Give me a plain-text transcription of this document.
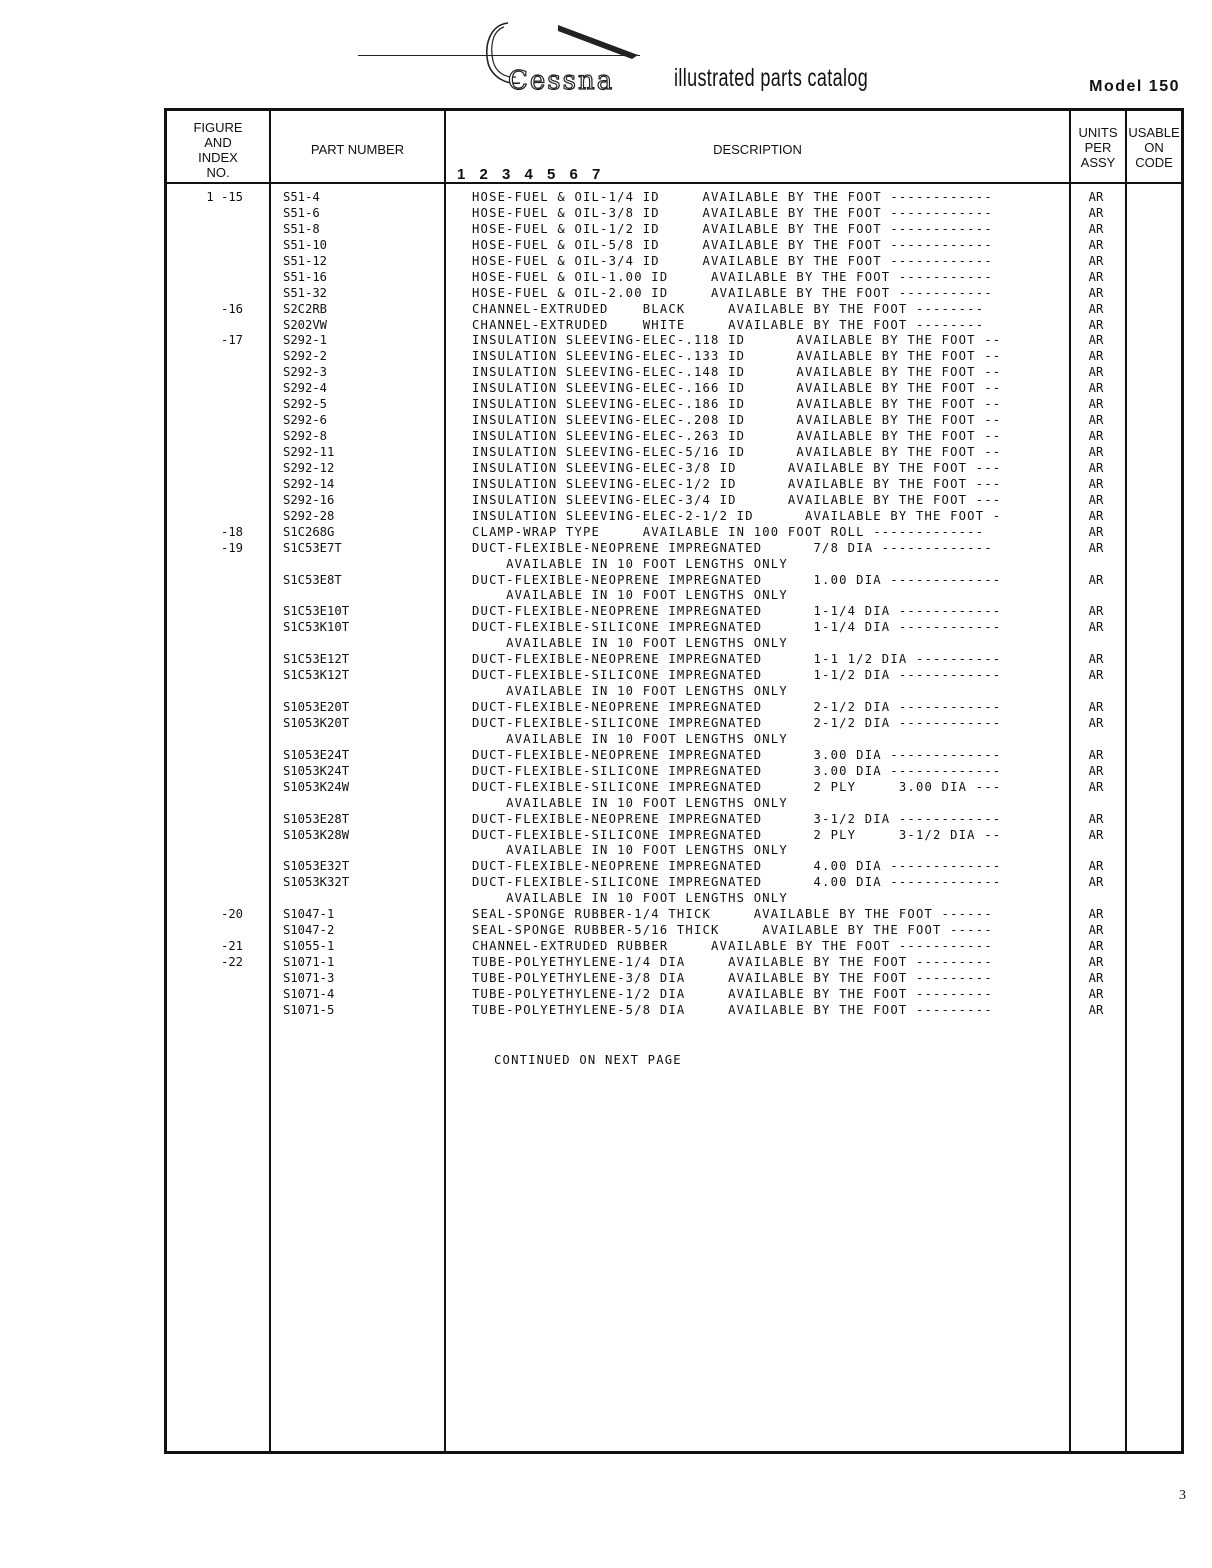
Cessna illustrated parts catalog	Model 150
FIGURE
AND
INDEX
NO.
PART NUMBER	DESCRIPTION
1 2 3 4 5 6 7
UNITS
PER
ASSY
USABLE
ON
CODE
1 -15	S51-4	HOSE-FUEL & OIL-1/4 ID     AVAILABLE BY THE FOOT ------------	AR
S51-6	HOSE-FUEL & OIL-3/8 ID     AVAILABLE BY THE FOOT ------------	AR
S51-8	HOSE-FUEL & OIL-1/2 ID     AVAILABLE BY THE FOOT ------------	AR
S51-10	HOSE-FUEL & OIL-5/8 ID     AVAILABLE BY THE FOOT ------------	AR
S51-12	HOSE-FUEL & OIL-3/4 ID     AVAILABLE BY THE FOOT ------------	AR
S51-16	HOSE-FUEL & OIL-1.00 ID     AVAILABLE BY THE FOOT -----------	AR
S51-32	HOSE-FUEL & OIL-2.00 ID     AVAILABLE BY THE FOOT -----------	AR
-16	S2C2RB	CHANNEL-EXTRUDED    BLACK     AVAILABLE BY THE FOOT --------	AR
S202VW	CHANNEL-EXTRUDED    WHITE     AVAILABLE BY THE FOOT --------	AR
-17	S292-1	INSULATION SLEEVING-ELEC-.118 ID      AVAILABLE BY THE FOOT --	AR
S292-2	INSULATION SLEEVING-ELEC-.133 ID      AVAILABLE BY THE FOOT --	AR
S292-3	INSULATION SLEEVING-ELEC-.148 ID      AVAILABLE BY THE FOOT --	AR
S292-4	INSULATION SLEEVING-ELEC-.166 ID      AVAILABLE BY THE FOOT --	AR
S292-5	INSULATION SLEEVING-ELEC-.186 ID      AVAILABLE BY THE FOOT --	AR
S292-6	INSULATION SLEEVING-ELEC-.208 ID      AVAILABLE BY THE FOOT --	AR
S292-8	INSULATION SLEEVING-ELEC-.263 ID      AVAILABLE BY THE FOOT --	AR
S292-11	INSULATION SLEEVING-ELEC-5/16 ID      AVAILABLE BY THE FOOT --	AR
S292-12	INSULATION SLEEVING-ELEC-3/8 ID      AVAILABLE BY THE FOOT ---	AR
S292-14	INSULATION SLEEVING-ELEC-1/2 ID      AVAILABLE BY THE FOOT ---	AR
S292-16	INSULATION SLEEVING-ELEC-3/4 ID      AVAILABLE BY THE FOOT ---	AR
S292-28	INSULATION SLEEVING-ELEC-2-1/2 ID      AVAILABLE BY THE FOOT -	AR
-18	S1C268G	CLAMP-WRAP TYPE     AVAILABLE IN 100 FOOT ROLL -------------	AR
-19	S1C53E7T	DUCT-FLEXIBLE-NEOPRENE IMPREGNATED      7/8 DIA -------------	AR
AVAILABLE IN 10 FOOT LENGTHS ONLY
S1C53E8T	DUCT-FLEXIBLE-NEOPRENE IMPREGNATED      1.00 DIA -------------	AR
AVAILABLE IN 10 FOOT LENGTHS ONLY
S1C53E10T	DUCT-FLEXIBLE-NEOPRENE IMPREGNATED      1-1/4 DIA ------------	AR
S1C53K10T	DUCT-FLEXIBLE-SILICONE IMPREGNATED      1-1/4 DIA ------------	AR
AVAILABLE IN 10 FOOT LENGTHS ONLY
S1C53E12T	DUCT-FLEXIBLE-NEOPRENE IMPREGNATED      1-1 1/2 DIA ----------	AR
S1C53K12T	DUCT-FLEXIBLE-SILICONE IMPREGNATED      1-1/2 DIA ------------	AR
AVAILABLE IN 10 FOOT LENGTHS ONLY
S1053E20T	DUCT-FLEXIBLE-NEOPRENE IMPREGNATED      2-1/2 DIA ------------	AR
S1053K20T	DUCT-FLEXIBLE-SILICONE IMPREGNATED      2-1/2 DIA ------------	AR
AVAILABLE IN 10 FOOT LENGTHS ONLY
S1053E24T	DUCT-FLEXIBLE-NEOPRENE IMPREGNATED      3.00 DIA -------------	AR
S1053K24T	DUCT-FLEXIBLE-SILICONE IMPREGNATED      3.00 DIA -------------	AR
S1053K24W	DUCT-FLEXIBLE-SILICONE IMPREGNATED      2 PLY     3.00 DIA ---	AR
AVAILABLE IN 10 FOOT LENGTHS ONLY
S1053E28T	DUCT-FLEXIBLE-NEOPRENE IMPREGNATED      3-1/2 DIA ------------	AR
S1053K28W	DUCT-FLEXIBLE-SILICONE IMPREGNATED      2 PLY     3-1/2 DIA --	AR
AVAILABLE IN 10 FOOT LENGTHS ONLY
S1053E32T	DUCT-FLEXIBLE-NEOPRENE IMPREGNATED      4.00 DIA -------------	AR
S1053K32T	DUCT-FLEXIBLE-SILICONE IMPREGNATED      4.00 DIA -------------	AR
AVAILABLE IN 10 FOOT LENGTHS ONLY
-20	S1047-1	SEAL-SPONGE RUBBER-1/4 THICK     AVAILABLE BY THE FOOT ------	AR
S1047-2	SEAL-SPONGE RUBBER-5/16 THICK     AVAILABLE BY THE FOOT -----	AR
-21	S1055-1	CHANNEL-EXTRUDED RUBBER     AVAILABLE BY THE FOOT -----------	AR
-22	S1071-1	TUBE-POLYETHYLENE-1/4 DIA     AVAILABLE BY THE FOOT ---------	AR
S1071-3	TUBE-POLYETHYLENE-3/8 DIA     AVAILABLE BY THE FOOT ---------	AR
S1071-4	TUBE-POLYETHYLENE-1/2 DIA     AVAILABLE BY THE FOOT ---------	AR
S1071-5	TUBE-POLYETHYLENE-5/8 DIA     AVAILABLE BY THE FOOT ---------	AR
CONTINUED ON NEXT PAGE
3
